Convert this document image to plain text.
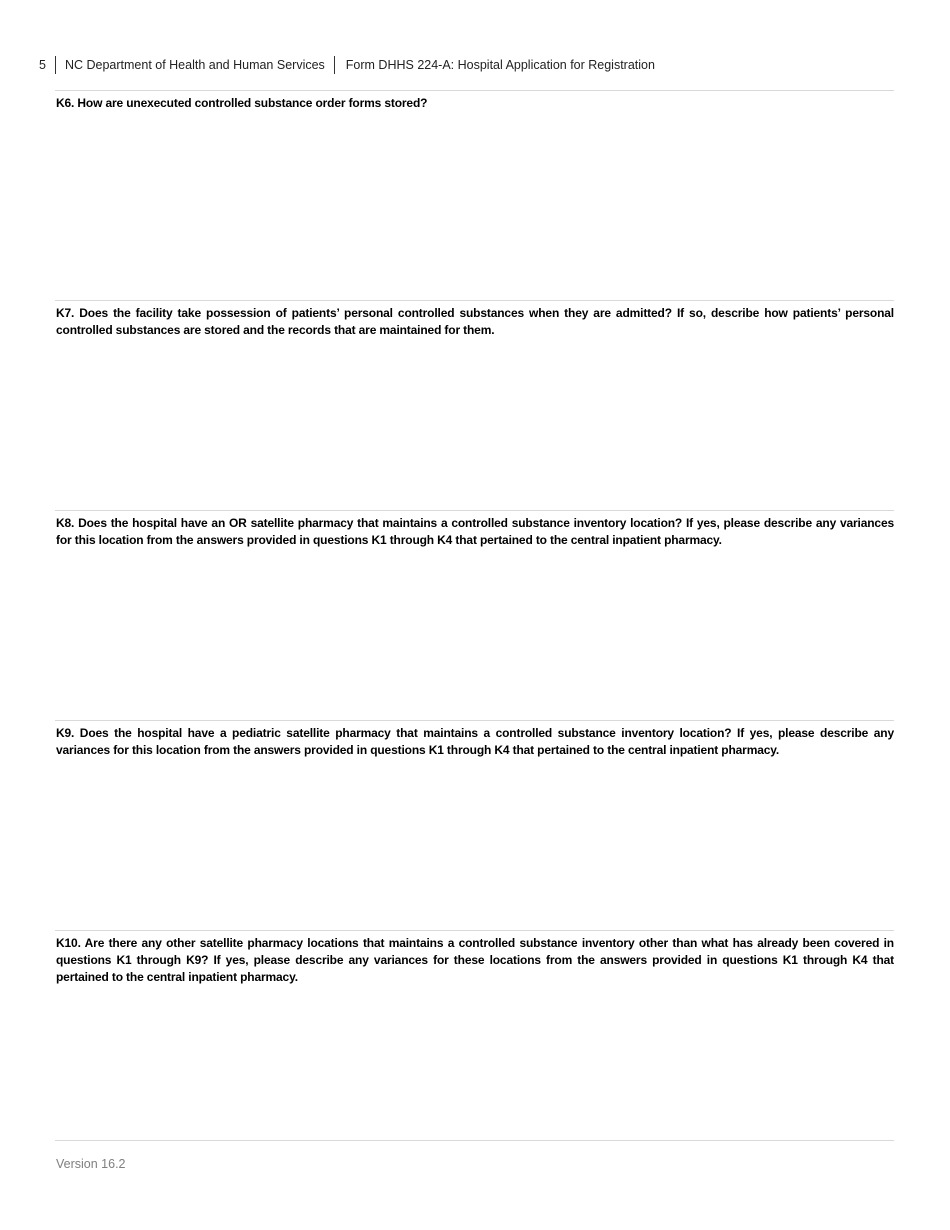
5 NC Department of Health and Human Services Form DHHS 224-A: Hospital Application for Registration
K6. How are unexecuted controlled substance order forms stored?
K7. Does the facility take possession of patients’ personal controlled substances when they are admitted? If so, describe how patients’ personal controlled substances are stored and the records that are maintained for them.
K8. Does the hospital have an OR satellite pharmacy that maintains a controlled substance inventory location? If yes, please describe any variances for this location from the answers provided in questions K1 through K4 that pertained to the central inpatient pharmacy.
K9. Does the hospital have a pediatric satellite pharmacy that maintains a controlled substance inventory location? If yes, please describe any variances for this location from the answers provided in questions K1 through K4 that pertained to the central inpatient pharmacy.
K10. Are there any other satellite pharmacy locations that maintains a controlled substance inventory other than what has already been covered in questions K1 through K9? If yes, please describe any variances for these locations from the answers provided in questions K1 through K4 that pertained to the central inpatient pharmacy.
Version 16.2
